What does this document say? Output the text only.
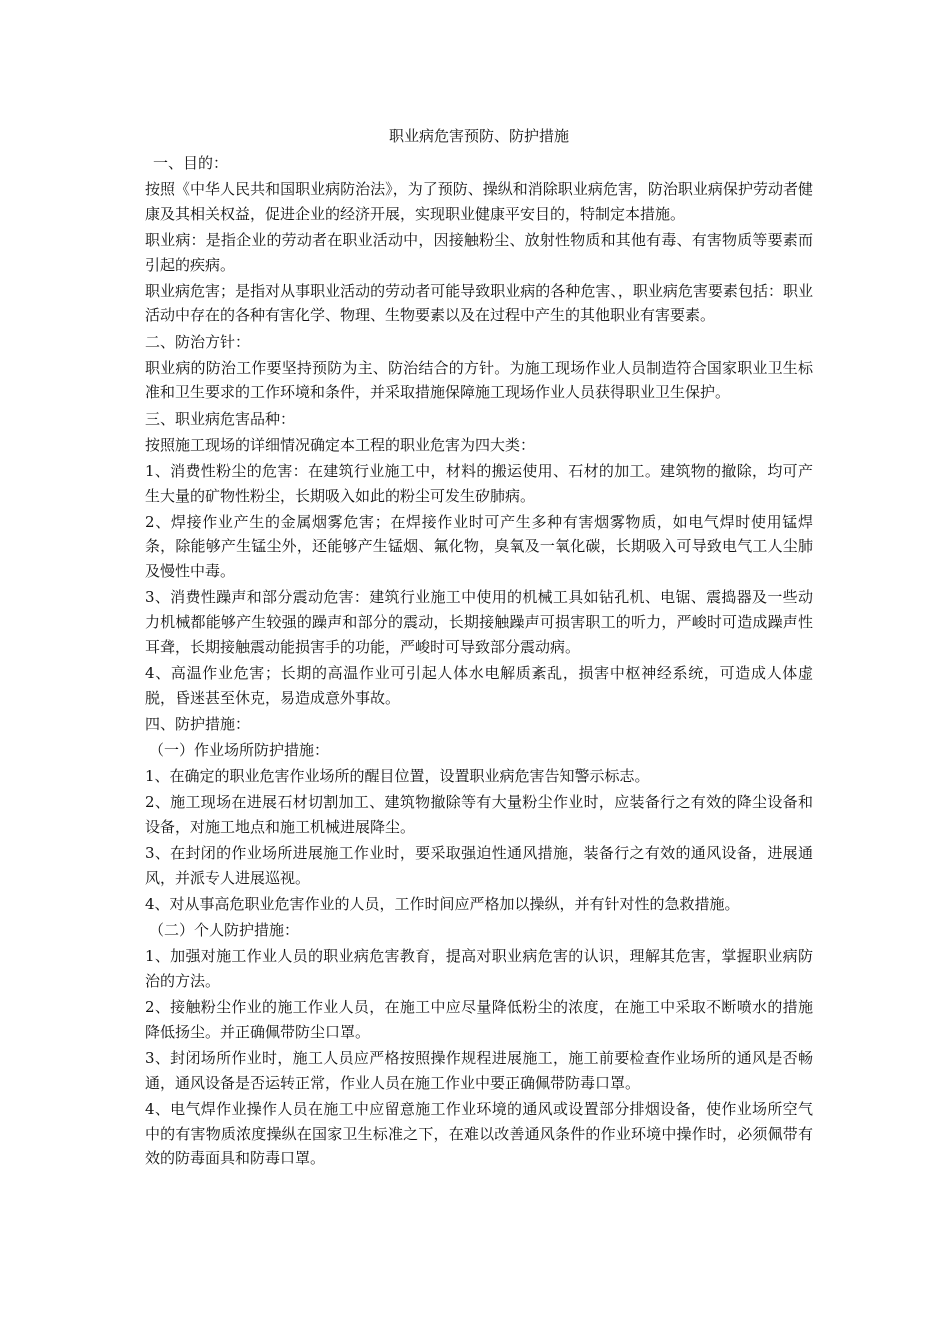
职业病危害预防、防护措施

一、目的：

按照《中华人民共和国职业病防治法》，为了预防、操纵和消除职业病危害，防治职业病保护劳动者健康及其相关权益，促进企业的经济开展，实现职业健康平安目的，特制定本措施。

职业病：是指企业的劳动者在职业活动中，因接触粉尘、放射性物质和其他有毒、有害物质等要素而引起的疾病。

职业病危害；是指对从事职业活动的劳动者可能导致职业病的各种危害、，职业病危害要素包括：职业活动中存在的各种有害化学、物理、生物要素以及在过程中产生的其他职业有害要素。

二、防治方针：

职业病的防治工作要坚持预防为主、防治结合的方针。为施工现场作业人员制造符合国家职业卫生标准和卫生要求的工作环境和条件，并采取措施保障施工现场作业人员获得职业卫生保护。

三、职业病危害品种：

按照施工现场的详细情况确定本工程的职业危害为四大类：

1、消费性粉尘的危害：在建筑行业施工中，材料的搬运使用、石材的加工。建筑物的撤除，均可产生大量的矿物性粉尘，长期吸入如此的粉尘可发生矽肺病。

2、焊接作业产生的金属烟雾危害；在焊接作业时可产生多种有害烟雾物质，如电气焊时使用锰焊条，除能够产生锰尘外，还能够产生锰烟、氟化物，臭氧及一氧化碳，长期吸入可导致电气工人尘肺及慢性中毒。

3、消费性躁声和部分震动危害：建筑行业施工中使用的机械工具如钻孔机、电锯、震捣器及一些动力机械都能够产生较强的躁声和部分的震动，长期接触躁声可损害职工的听力，严峻时可造成躁声性耳聋，长期接触震动能损害手的功能，严峻时可导致部分震动病。

4、高温作业危害；长期的高温作业可引起人体水电解质紊乱，损害中枢神经系统，可造成人体虚脱，昏迷甚至休克，易造成意外事故。

四、防护措施：

（一）作业场所防护措施：

1、在确定的职业危害作业场所的醒目位置，设置职业病危害告知警示标志。

2、施工现场在进展石材切割加工、建筑物撤除等有大量粉尘作业时，应装备行之有效的降尘设备和设备，对施工地点和施工机械进展降尘。

3、在封闭的作业场所进展施工作业时，要采取强迫性通风措施，装备行之有效的通风设备，进展通风，并派专人进展巡视。

4、对从事高危职业危害作业的人员，工作时间应严格加以操纵，并有针对性的急救措施。

（二）个人防护措施：

1、加强对施工作业人员的职业病危害教育，提高对职业病危害的认识，理解其危害，掌握职业病防治的方法。

2、接触粉尘作业的施工作业人员，在施工中应尽量降低粉尘的浓度，在施工中采取不断喷水的措施降低扬尘。并正确佩带防尘口罩。

3、封闭场所作业时，施工人员应严格按照操作规程进展施工，施工前要检查作业场所的通风是否畅通，通风设备是否运转正常，作业人员在施工作业中要正确佩带防毒口罩。

4、电气焊作业操作人员在施工中应留意施工作业环境的通风或设置部分排烟设备，使作业场所空气中的有害物质浓度操纵在国家卫生标准之下，在难以改善通风条件的作业环境中操作时，必须佩带有效的防毒面具和防毒口罩。
